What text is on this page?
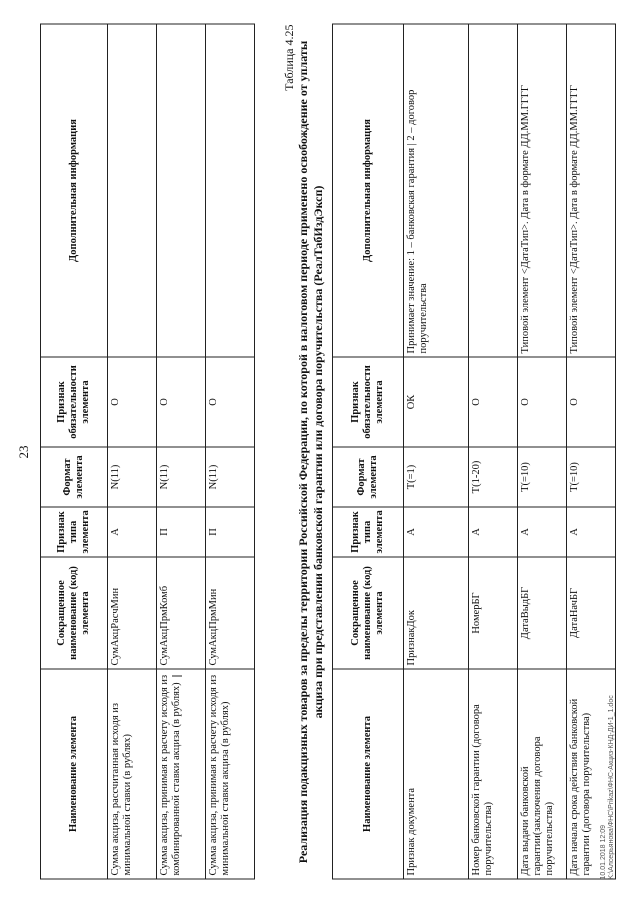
23
Наименование элемента	Сокращенное наименование (код) элемента	Признак типа элемента	Формат элемента	Признак обязательности элемента	Дополнительная информация
Сумма акциза, рассчитанная исходя из минимальной ставки (в рублях)	СумАкцРасчМин	А	N(11)	О	
Сумма акциза, принимая к расчету исходя из комбинированной ставки акциза (в рублях)	СумАкцПрмКомб	П	N(11)	О	
Сумма акциза, принимая к расчету исходя из минимальной ставки акциза (в рублях)	СумАкцПрмМин	П	N(11)	О	
Таблица 4.25 Реализация подакцизных товаров за пределы территории Российской Федерации, по которой в налоговом периоде применено освобождение от уплаты акциза при представлении банковской гарантии или договора поручительства (РеалТабИздЭксп)
Наименование элемента	Сокращенное наименование (код) элемента	Признак типа элемента	Формат элемента	Признак обязательности элемента	Дополнительная информация
Признак документа	ПризнакДок	А	T(=1)	ОК	Принимает значение: 1 – банковская гарантия | 2 – договор поручительства
Номер банковской гарантии (договора поручительства)	НомерБГ	А	T(1-20)	О	
Дата выдачи банковской гарантии(заключения договора поручительства)	ДатаВыдБГ	А	T(=10)	О	Типовой элемент <ДатаТип>. Дата в формате ДД.ММ.ГГГГ
Дата начала срока действия банковской гарантии (договора поручительства)	ДатаНачБГ	А	T(=10)	О	Типовой элемент <ДатаТип>. Дата в формате ДД.ММ.ГГГГ
10.01.2018 12:09 K:\Алсерьянова\ФНС\Prikaz\ФНС-Акциз-КНД-ДИ-1_1.doc
